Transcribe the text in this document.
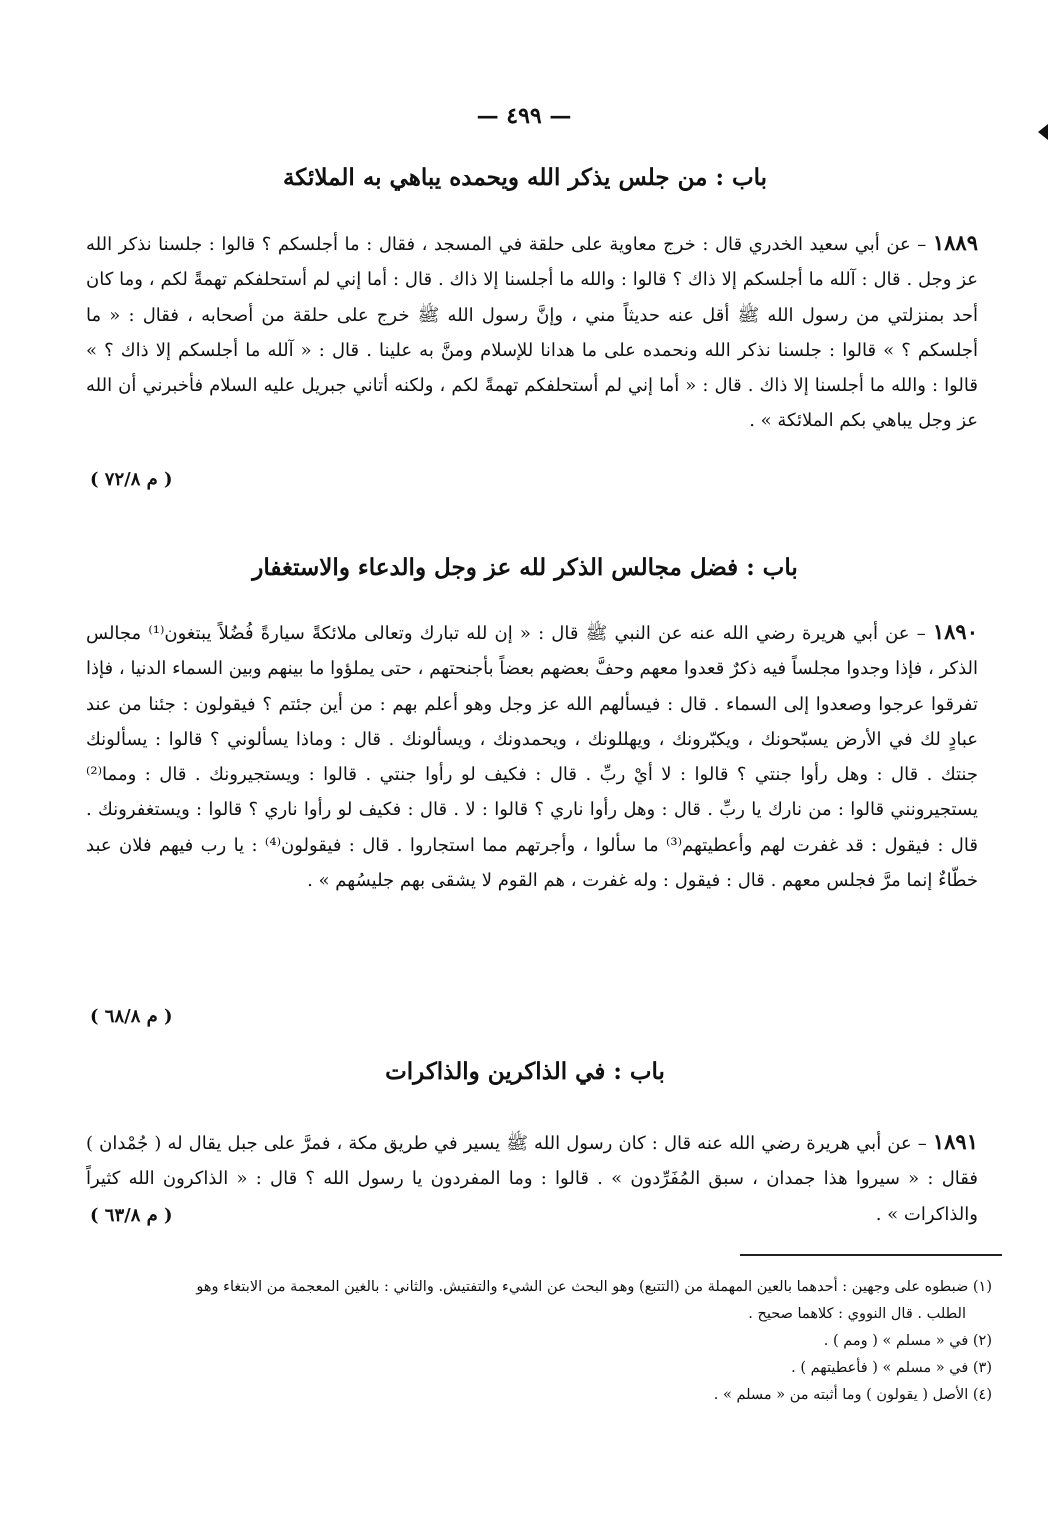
— ٤٩٩ —
باب : من جلس يذكر الله ويحمده يباهي به الملائكة

١٨٨٩ – عن أبي سعيد الخدري قال : خرج معاوية على حلقة في المسجد ، فقال : ما أجلسكم ؟ قالوا : جلسنا نذكر الله عز وجل . قال : آلله ما أجلسكم إلا ذاك ؟ قالوا : والله ما أجلسنا إلا ذاك . قال : أما إني لم أستحلفكم تهمةً لكم ، وما كان أحد بمنزلتي من رسول الله ﷺ أقل عنه حديثاً مني ، وإنَّ رسول الله ﷺ خرج على حلقة من أصحابه ، فقال : « ما أجلسكم ؟ » قالوا : جلسنا نذكر الله ونحمده على ما هدانا للإسلام ومنَّ به علينا . قال : « آلله ما أجلسكم إلا ذاك ؟ » قالوا : والله ما أجلسنا إلا ذاك . قال : « أما إني لم أستحلفكم تهمةً لكم ، ولكنه أتاني جبريل عليه السلام فأخبرني أن الله عز وجل يباهي بكم الملائكة » .

( م ٧٢/٨ )
باب : فضل مجالس الذكر لله عز وجل والدعاء والاستغفار

١٨٩٠ – عن أبي هريرة رضي الله عنه عن النبي ﷺ قال : « إن لله تبارك وتعالى ملائكةً سيارةً فُضُلاً يبتغون⁽¹⁾ مجالس الذكر ، فإذا وجدوا مجلساً فيه ذكرٌ قعدوا معهم وحفَّ بعضهم بعضاً بأجنحتهم ، حتى يملؤوا ما بينهم وبين السماء الدنيا ، فإذا تفرقوا عرجوا وصعدوا إلى السماء . قال : فيسألهم الله عز وجل وهو أعلم بهم : من أين جئتم ؟ فيقولون : جئنا من عند عبادٍ لك في الأرض يسبّحونك ، ويكبّرونك ، ويهللونك ، ويحمدونك ، ويسألونك . قال : وماذا يسألوني ؟ قالوا : يسألونك جنتك . قال : وهل رأوا جنتي ؟ قالوا : لا أيْ ربِّ . قال : فكيف لو رأوا جنتي . قالوا : ويستجيرونك . قال : ومما⁽²⁾ يستجيرونني قالوا : من نارك يا ربِّ . قال : وهل رأوا ناري ؟ قالوا : لا . قال : فكيف لو رأوا ناري ؟ قالوا : ويستغفرونك . قال : فيقول : قد غفرت لهم وأعطيتهم⁽³⁾ ما سألوا ، وأجرتهم مما استجاروا . قال : فيقولون⁽⁴⁾ : يا رب فيهم فلان عبد خطّاءٌ إنما مرَّ فجلس معهم . قال : فيقول : وله غفرت ، هم القوم لا يشقى بهم جليسُهم » .

( م ٦٨/٨ )
باب : في الذاكرين والذاكرات

١٨٩١ – عن أبي هريرة رضي الله عنه قال : كان رسول الله ﷺ يسير في طريق مكة ، فمرَّ على جبل يقال له ( جُمْدان ) فقال : « سيروا هذا جمدان ، سبق المُفَرِّدون » . قالوا : وما المفردون يا رسول الله ؟ قال : « الذاكرون الله كثيراً والذاكرات » .

( م ٦٣/٨ )
(١) ضبطوه على وجهين : أحدهما بالعين المهملة من (التتبع) وهو البحث عن الشيء والتفتيش. والثاني : بالغين المعجمة من الابتغاء وهو
الطلب . قال النووي : كلاهما صحيح .
(٢) في « مسلم » ( ومم ) .
(٣) في « مسلم » ( فأعطيتهم ) .
(٤) الأصل ( يقولون ) وما أثبته من « مسلم » .
